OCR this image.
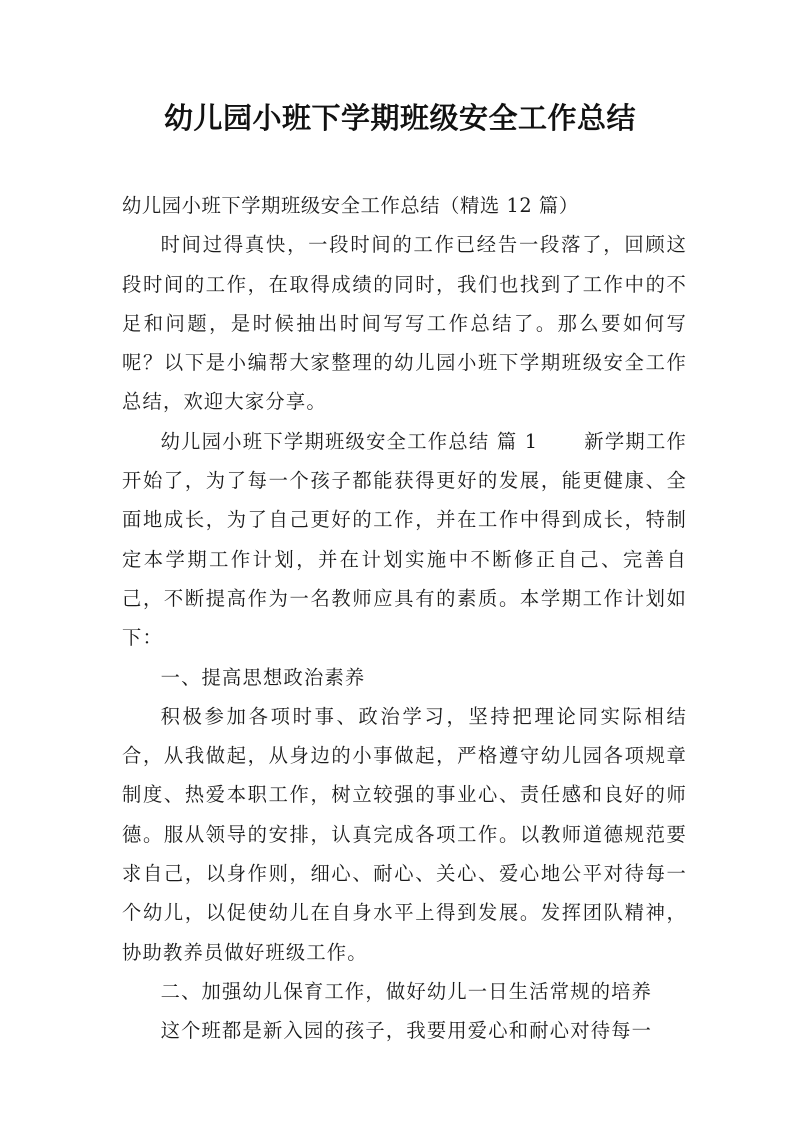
幼儿园小班下学期班级安全工作总结

幼儿园小班下学期班级安全工作总结（精选 12 篇）

时间过得真快，一段时间的工作已经告一段落了，回顾这段时间的工作，在取得成绩的同时，我们也找到了工作中的不足和问题，是时候抽出时间写写工作总结了。那么要如何写呢？以下是小编帮大家整理的幼儿园小班下学期班级安全工作总结，欢迎大家分享。

幼儿园小班下学期班级安全工作总结 篇 1 新学期工作开始了，为了每一个孩子都能获得更好的发展，能更健康、全面地成长，为了自己更好的工作，并在工作中得到成长，特制定本学期工作计划，并在计划实施中不断修正自己、完善自己，不断提高作为一名教师应具有的素质。本学期工作计划如下：

一、提高思想政治素养

积极参加各项时事、政治学习，坚持把理论同实际相结合，从我做起，从身边的小事做起，严格遵守幼儿园各项规章制度、热爱本职工作，树立较强的事业心、责任感和良好的师德。服从领导的安排，认真完成各项工作。以教师道德规范要求自己，以身作则，细心、耐心、关心、爱心地公平对待每一个幼儿，以促使幼儿在自身水平上得到发展。发挥团队精神，协助教养员做好班级工作。

二、加强幼儿保育工作，做好幼儿一日生活常规的培养

这个班都是新入园的孩子，我要用爱心和耐心对待每一
